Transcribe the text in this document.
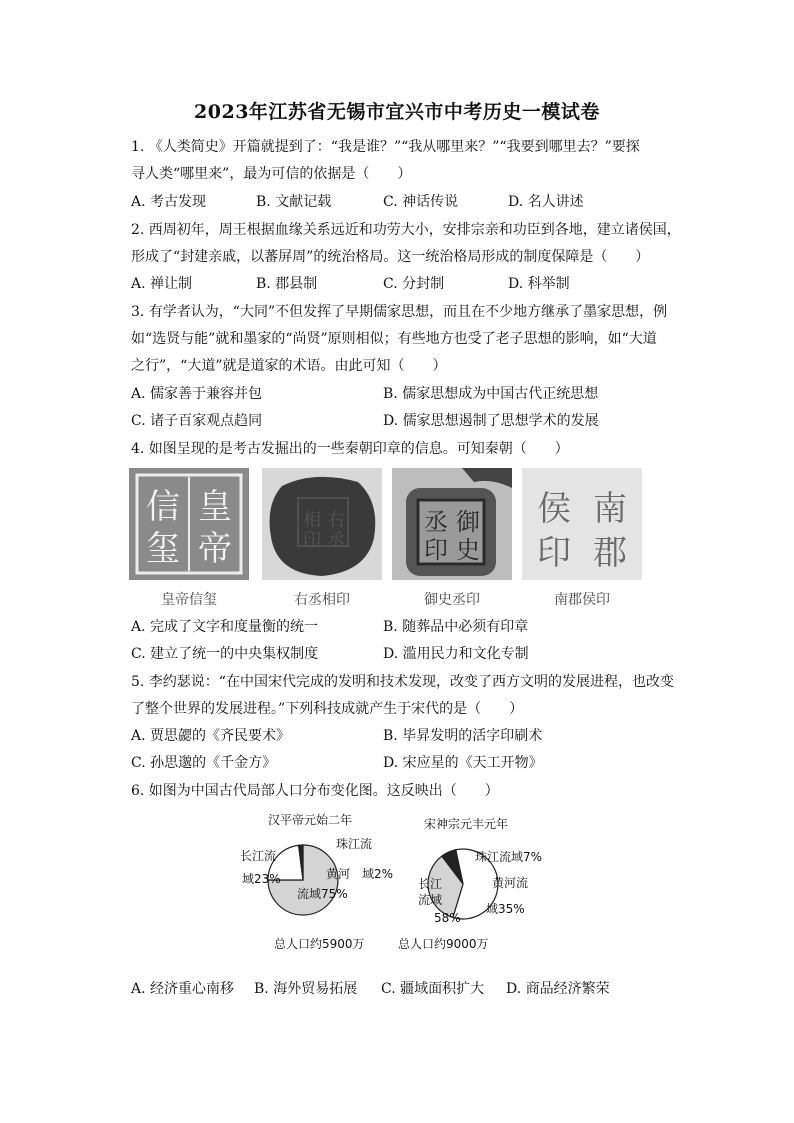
2023年江苏省无锡市宜兴市中考历史一模试卷
1. 《人类简史》开篇就提到了：“我是谁？”“我从哪里来？”“我要到哪里去？”要探
寻人类“哪里来”，最为可信的依据是（　　）
A. 考古发现	B. 文献记载	C. 神话传说	D. 名人讲述
2. 西周初年，周王根据血缘关系远近和功劳大小，安排宗亲和功臣到各地，建立诸侯国，
形成了“封建亲戚，以蕃屏周”的统治格局。这一统治格局形成的制度保障是（　　）
A. 禅让制	B. 郡县制	C. 分封制	D. 科举制
3. 有学者认为，“大同”不但发挥了早期儒家思想，而且在不少地方继承了墨家思想，例
如“选贤与能”就和墨家的“尚贤”原则相似；有些地方也受了老子思想的影响，如“大道
之行”，“大道”就是道家的术语。由此可知（　　）
A. 儒家善于兼容并包	B. 儒家思想成为中国古代正统思想
C. 诸子百家观点趋同	D. 儒家思想遏制了思想学术的发展
4. 如图呈现的是考古发掘出的一些秦朝印章的信息。可知秦朝（　　）
皇
帝
信
玺
皇帝信玺
右
丞
相
印
右丞相印
御
史
丞
印
御史丞印
南
郡
侯
印
南郡侯印
A. 完成了文字和度量衡的统一	B. 随葬品中必须有印章
C. 建立了统一的中央集权制度	D. 滥用民力和文化专制
5. 李约瑟说：“在中国宋代完成的发明和技术发现，改变了西方文明的发展进程，也改变
了整个世界的发展进程。”下列科技成就产生于宋代的是（　　）
A. 贾思勰的《齐民要术》	B. 毕昇发明的活字印刷术
C. 孙思邈的《千金方》	D. 宋应星的《天工开物》
6. 如图为中国古代局部人口分布变化图。这反映出（　　）
汉平帝元始二年
珠江流
域2%
长江流
域23%	黄河
流域75%
总人口约5900万
宋神宗元丰元年
珠江流域7%
黄河流
域35%
长江
流域
58%
总人口约9000万
A. 经济重心南移 B. 海外贸易拓展 C. 疆域面积扩大 D. 商品经济繁荣
